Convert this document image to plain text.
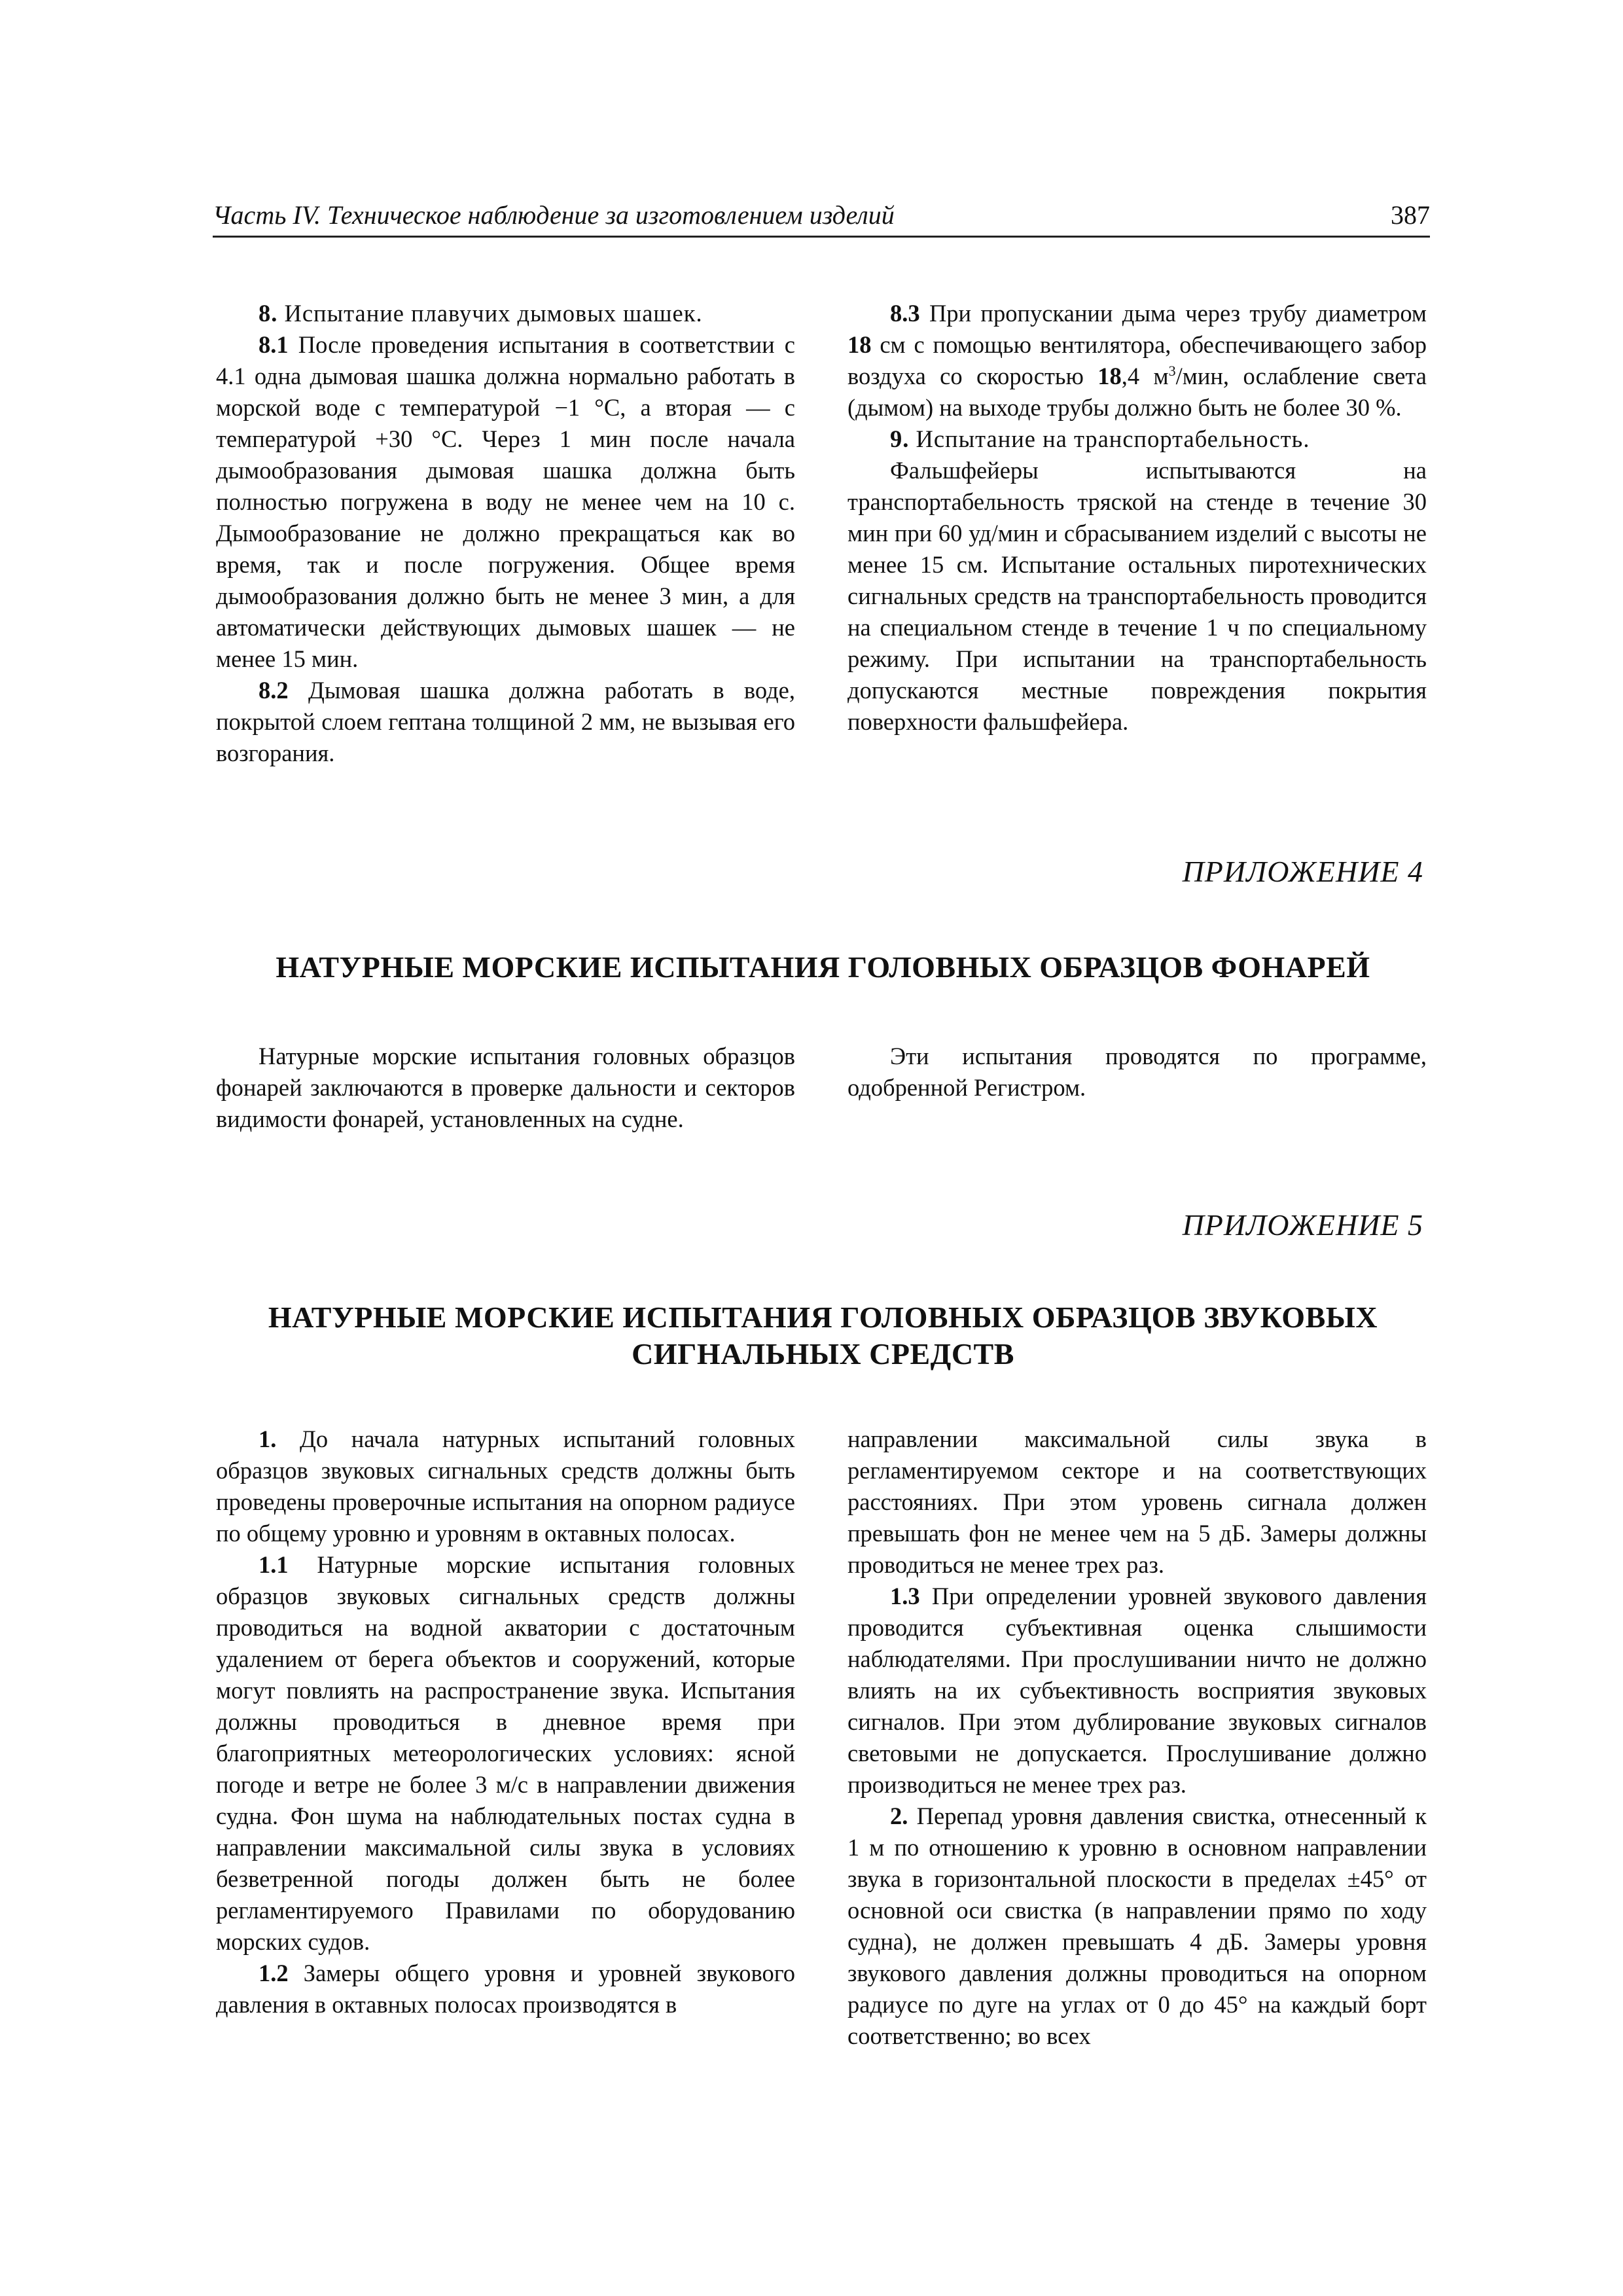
Часть IV. Техническое наблюдение за изготовлением изделий	387

8. Испытание плавучих дымовых шашек.

8.1 После проведения испытания в соответствии с 4.1 одна дымовая шашка должна нормально работать в морской воде с температурой −1 °С, а вторая — с температурой +30 °С. Через 1 мин после начала дымообразования дымовая шашка должна быть полностью погружена в воду не менее чем на 10 с. Дымообразование не должно прекращаться как во время, так и после погружения. Общее время дымообразования должно быть не менее 3 мин, а для автоматически действующих дымовых шашек — не менее 15 мин.

8.2 Дымовая шашка должна работать в воде, покрытой слоем гептана толщиной 2 мм, не вызывая его возгорания.

8.3 При пропускании дыма через трубу диаметром 18 см с помощью вентилятора, обеспечивающего забор воздуха со скоростью 18,4 $м^3$/мин, ослабление света (дымом) на выходе трубы должно быть не более 30 %.

9. Испытание на транспортабельность.

Фальшфейеры испытываются на транспортабельность тряской на стенде в течение 30 мин при 60 уд/мин и сбрасыванием изделий с высоты не менее 15 см. Испытание остальных пиротехнических сигнальных средств на транспортабельность проводится на специальном стенде в течение 1 ч по специальному режиму. При испытании на транспортабельность допускаются местные повреждения покрытия поверхности фальшфейера.

ПРИЛОЖЕНИЕ 4
НАТУРНЫЕ МОРСКИЕ ИСПЫТАНИЯ ГОЛОВНЫХ ОБРАЗЦОВ ФОНАРЕЙ

Натурные морские испытания головных образцов фонарей заключаются в проверке дальности и секторов видимости фонарей, установленных на судне.

Эти испытания проводятся по программе, одобренной Регистром.

ПРИЛОЖЕНИЕ 5
НАТУРНЫЕ МОРСКИЕ ИСПЫТАНИЯ ГОЛОВНЫХ ОБРАЗЦОВ ЗВУКОВЫХ
СИГНАЛЬНЫХ СРЕДСТВ

1. До начала натурных испытаний головных образцов звуковых сигнальных средств должны быть проведены проверочные испытания на опорном радиусе по общему уровню и уровням в октавных полосах.

1.1 Натурные морские испытания головных образцов звуковых сигнальных средств должны проводиться на водной акватории с достаточным удалением от берега объектов и сооружений, которые могут повлиять на распространение звука. Испытания должны проводиться в дневное время при благоприятных метеорологических условиях: ясной погоде и ветре не более 3 м/с в направлении движения судна. Фон шума на наблюдательных постах судна в направлении максимальной силы звука в условиях безветренной погоды должен быть не более регламентируемого Правилами по оборудованию морских судов.

1.2 Замеры общего уровня и уровней звукового давления в октавных полосах производятся в

направлении максимальной силы звука в регламентируемом секторе и на соответствующих расстояниях. При этом уровень сигнала должен превышать фон не менее чем на 5 дБ. Замеры должны проводиться не менее трех раз.

1.3 При определении уровней звукового давления проводится субъективная оценка слышимости наблюдателями. При прослушивании ничто не должно влиять на их субъективность восприятия звуковых сигналов. При этом дублирование звуковых сигналов световыми не допускается. Прослушивание должно производиться не менее трех раз.

2. Перепад уровня давления свистка, отнесенный к 1 м по отношению к уровню в основном направлении звука в горизонтальной плоскости в пределах ±45° от основной оси свистка (в направлении прямо по ходу судна), не должен превышать 4 дБ. Замеры уровня звукового давления должны проводиться на опорном радиусе по дуге на углах от 0 до 45° на каждый борт соответственно; во всех
